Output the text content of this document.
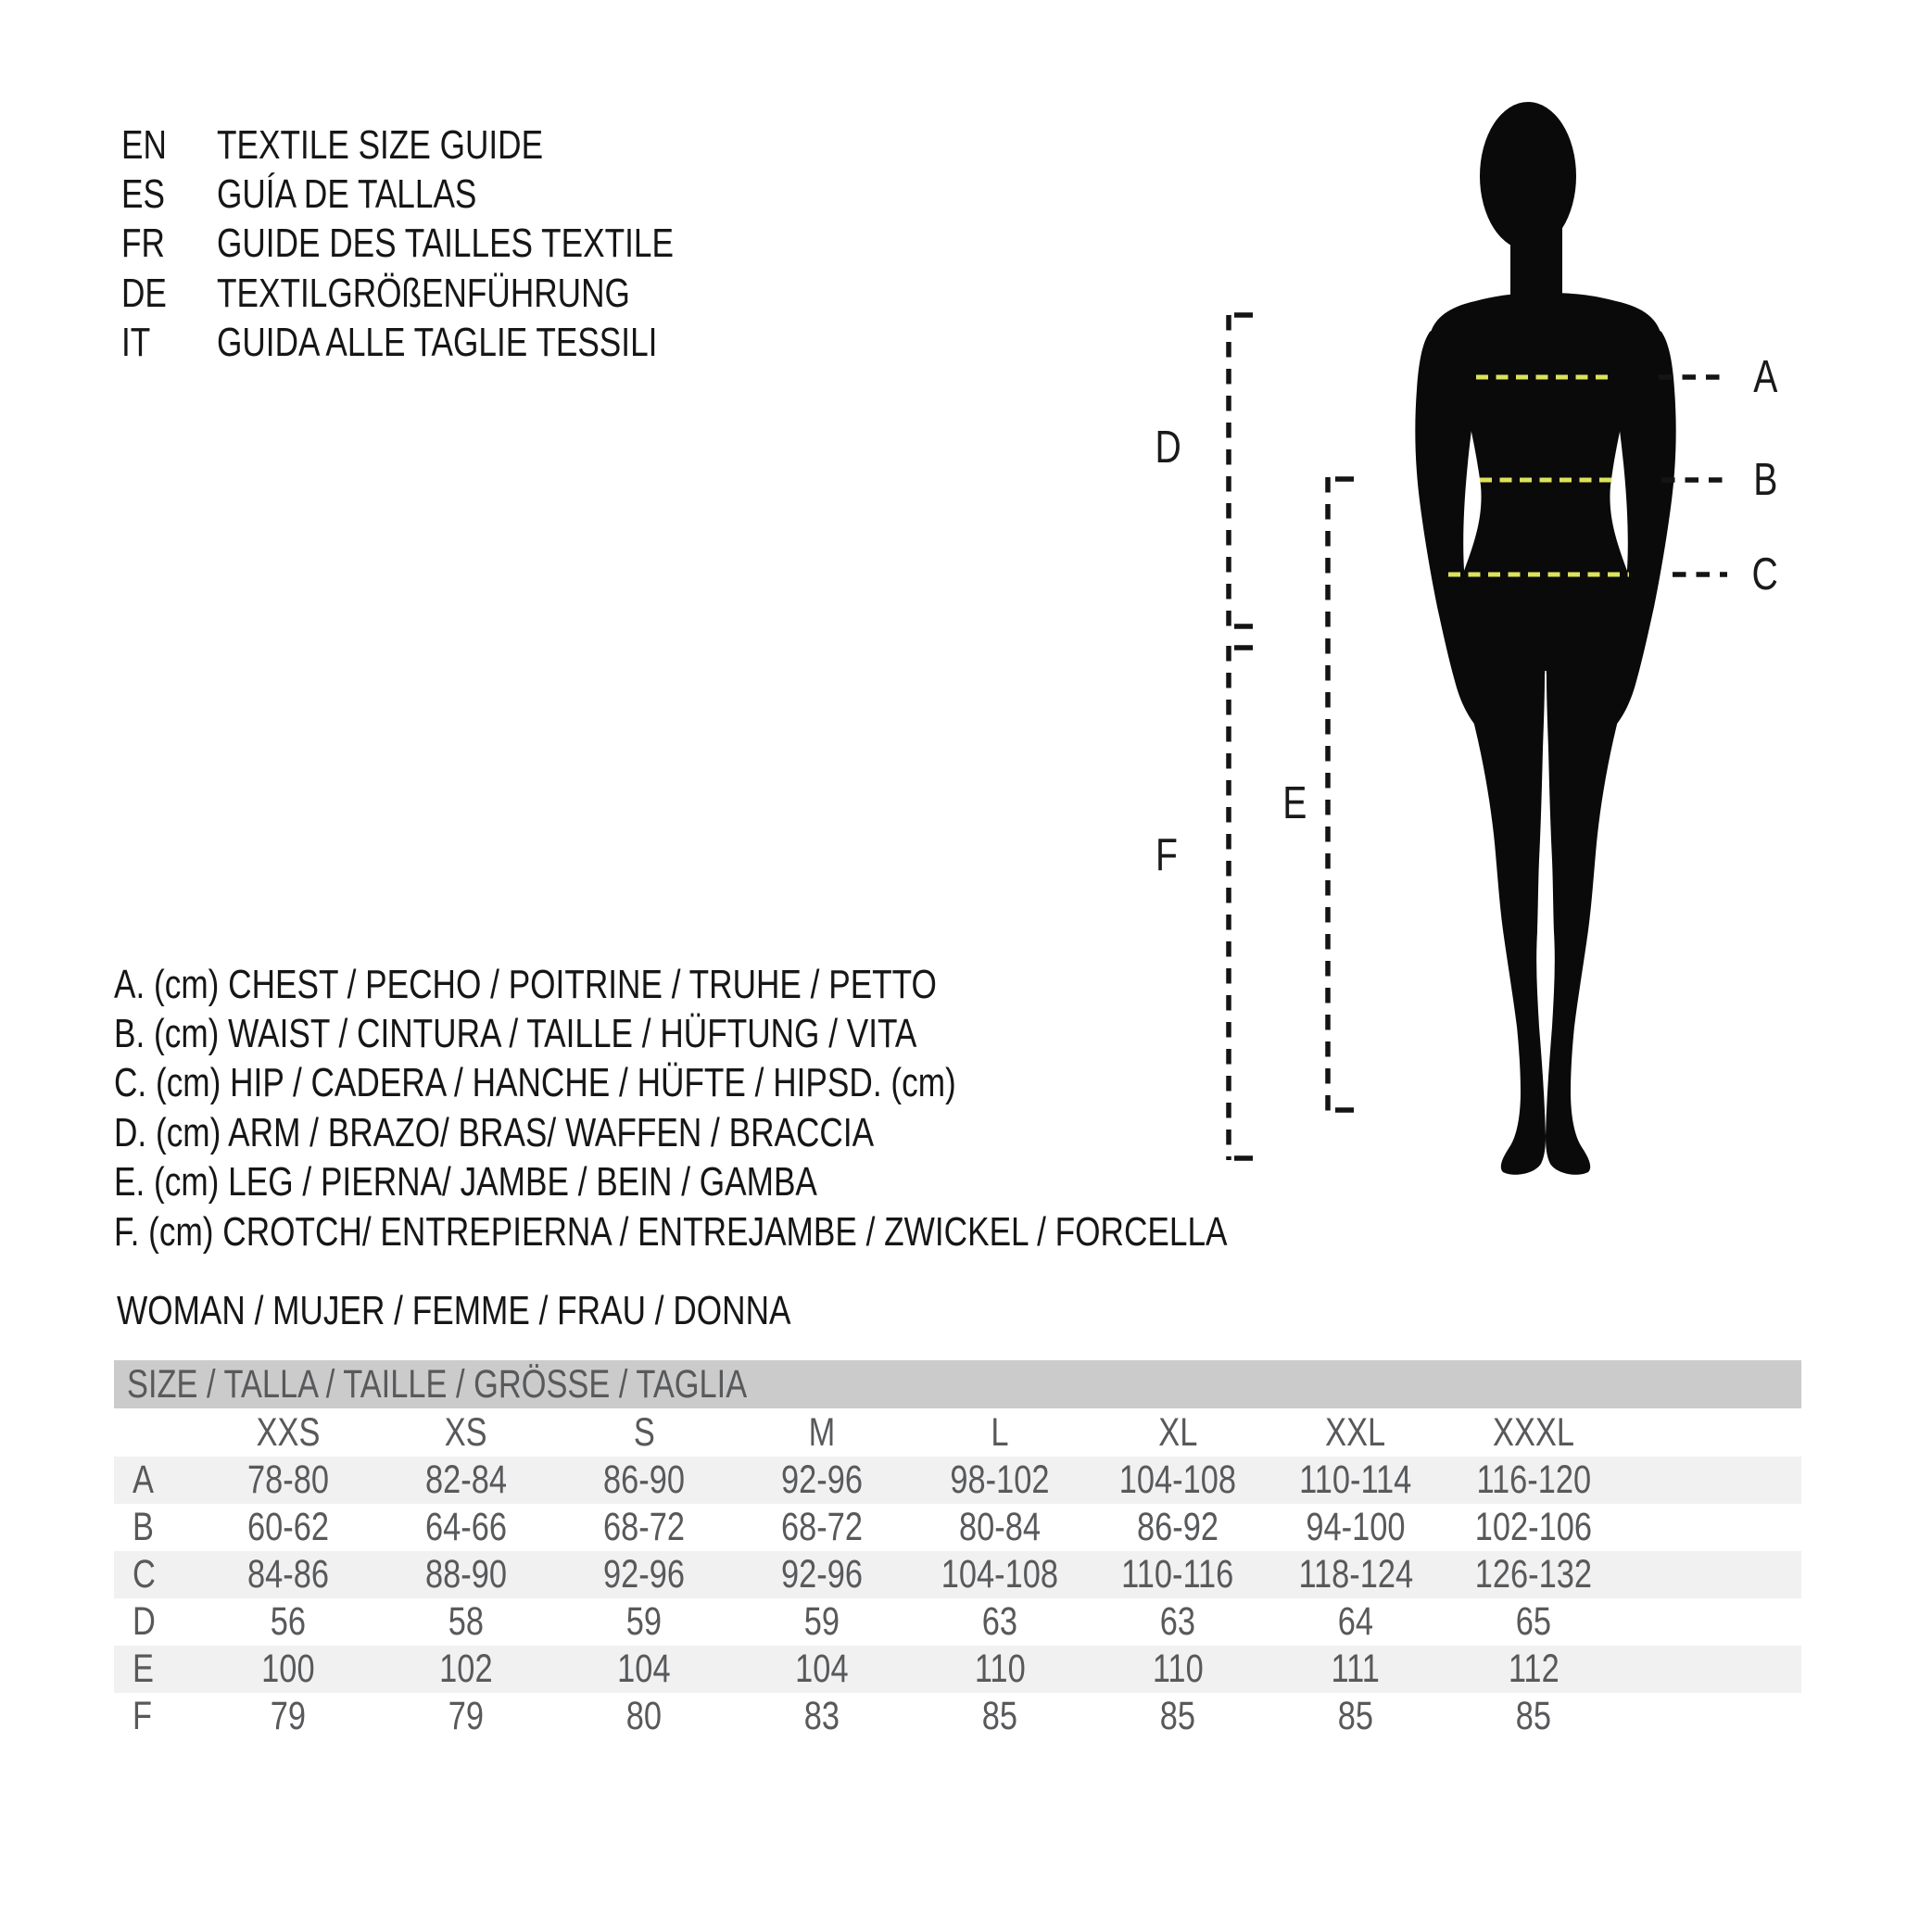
EN	TEXTILE SIZE GUIDE
ES	GUÍA DE TALLAS
FR	GUIDE DES TAILLES TEXTILE
DE	TEXTILGRÖßENFÜHRUNG
IT	GUIDA ALLE TAGLIE TESSILI
A
B
C
D
E
F
A. (cm) CHEST / PECHO / POITRINE / TRUHE / PETTO
B. (cm) WAIST / CINTURA / TAILLE / HÜFTUNG / VITA
C. (cm) HIP / CADERA / HANCHE / HÜFTE / HIPSD. (cm)
D. (cm) ARM / BRAZO/ BRAS/ WAFFEN / BRACCIA
E. (cm) LEG / PIERNA/ JAMBE / BEIN / GAMBA
F. (cm) CROTCH/ ENTREPIERNA / ENTREJAMBE / ZWICKEL / FORCELLA
WOMAN / MUJER / FEMME / FRAU / DONNA
SIZE / TALLA / TAILLE / GRÖSSE / TAGLIA
XXS	XS	S	M	L	XL	XXL	XXXL
A 78-80 82-84 86-90 92-96 98-102 104-108 110-114 116-120
B 60-62 64-66 68-72 68-72 80-84 86-92 94-100 102-106
C 84-86 88-90 92-96 92-96 104-108 110-116 118-124 126-132
D	56	58	59	59	63	63	64	65
E	100	102	104	104	110	110	111	112
F	79	79	80	83	85	85	85	85
